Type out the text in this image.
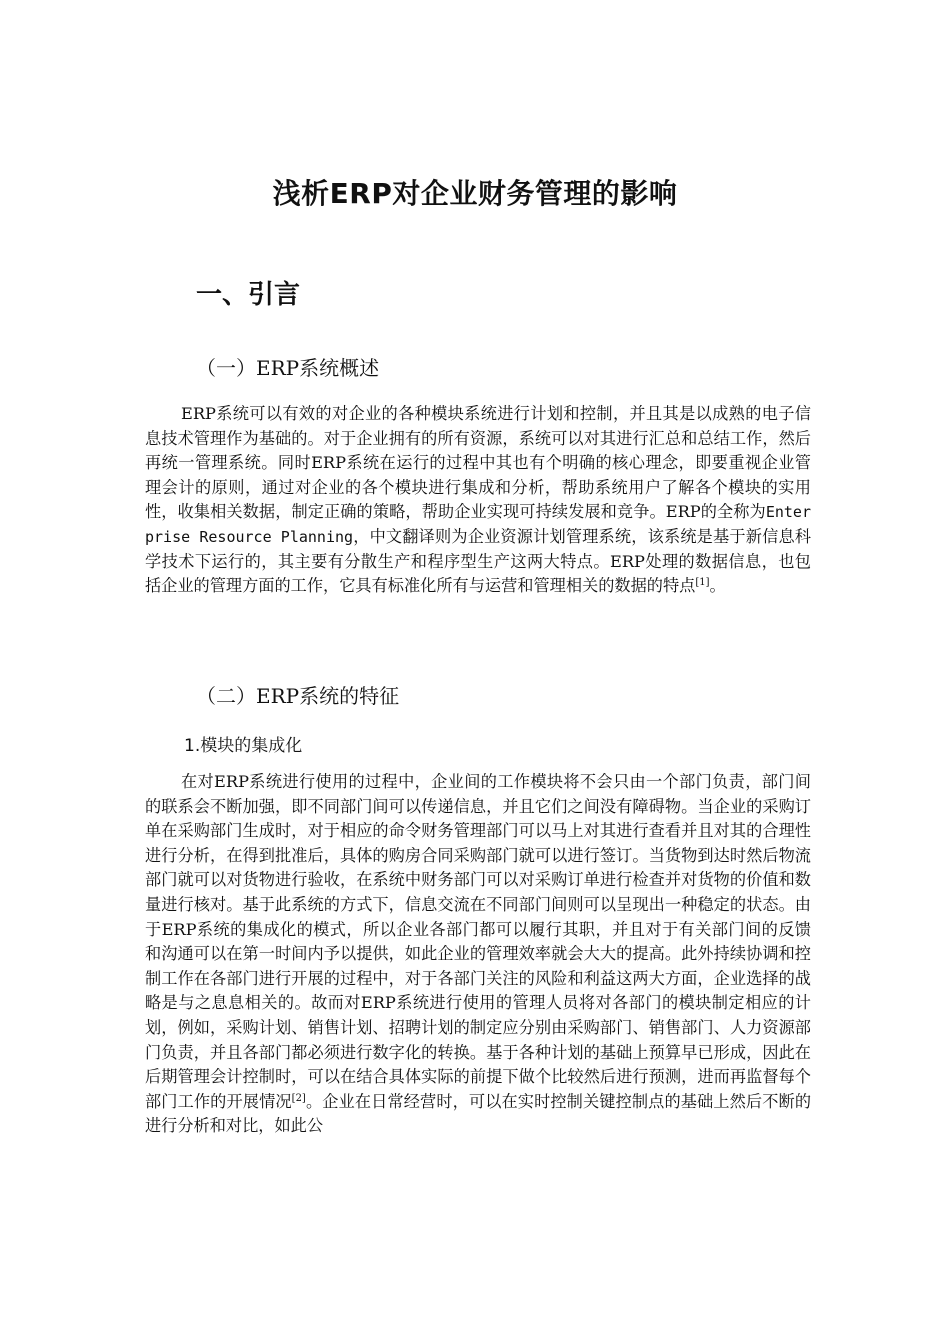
浅析ERP对企业财务管理的影响
一、引言
（一）ERP系统概述
ERP系统可以有效的对企业的各种模块系统进行计划和控制，并且其是以成熟的电子信息技术管理作为基础的。对于企业拥有的所有资源，系统可以对其进行汇总和总结工作，然后再统一管理系统。同时ERP系统在运行的过程中其也有个明确的核心理念，即要重视企业管理会计的原则，通过对企业的各个模块进行集成和分析，帮助系统用户了解各个模块的实用性，收集相关数据，制定正确的策略，帮助企业实现可持续发展和竞争。ERP的全称为Enterprise Resource Planning，中文翻译则为企业资源计划管理系统，该系统是基于新信息科学技术下运行的，其主要有分散生产和程序型生产这两大特点。ERP处理的数据信息，也包括企业的管理方面的工作，它具有标准化所有与运营和管理相关的数据的特点[1]。
（二）ERP系统的特征
1.模块的集成化
在对ERP系统进行使用的过程中，企业间的工作模块将不会只由一个部门负责，部门间的联系会不断加强，即不同部门间可以传递信息，并且它们之间没有障碍物。当企业的采购订单在采购部门生成时，对于相应的命令财务管理部门可以马上对其进行查看并且对其的合理性进行分析，在得到批准后，具体的购房合同采购部门就可以进行签订。当货物到达时然后物流部门就可以对货物进行验收，在系统中财务部门可以对采购订单进行检查并对货物的价值和数量进行核对。基于此系统的方式下，信息交流在不同部门间则可以呈现出一种稳定的状态。由于ERP系统的集成化的模式，所以企业各部门都可以履行其职，并且对于有关部门间的反馈和沟通可以在第一时间内予以提供，如此企业的管理效率就会大大的提高。此外持续协调和控制工作在各部门进行开展的过程中，对于各部门关注的风险和利益这两大方面，企业选择的战略是与之息息相关的。故而对ERP系统进行使用的管理人员将对各部门的模块制定相应的计划，例如，采购计划、销售计划、招聘计划的制定应分别由采购部门、销售部门、人力资源部门负责，并且各部门都必须进行数字化的转换。基于各种计划的基础上预算早已形成，因此在后期管理会计控制时，可以在结合具体实际的前提下做个比较然后进行预测，进而再监督每个部门工作的开展情况[2]。企业在日常经营时，可以在实时控制关键控制点的基础上然后不断的进行分析和对比，如此公
